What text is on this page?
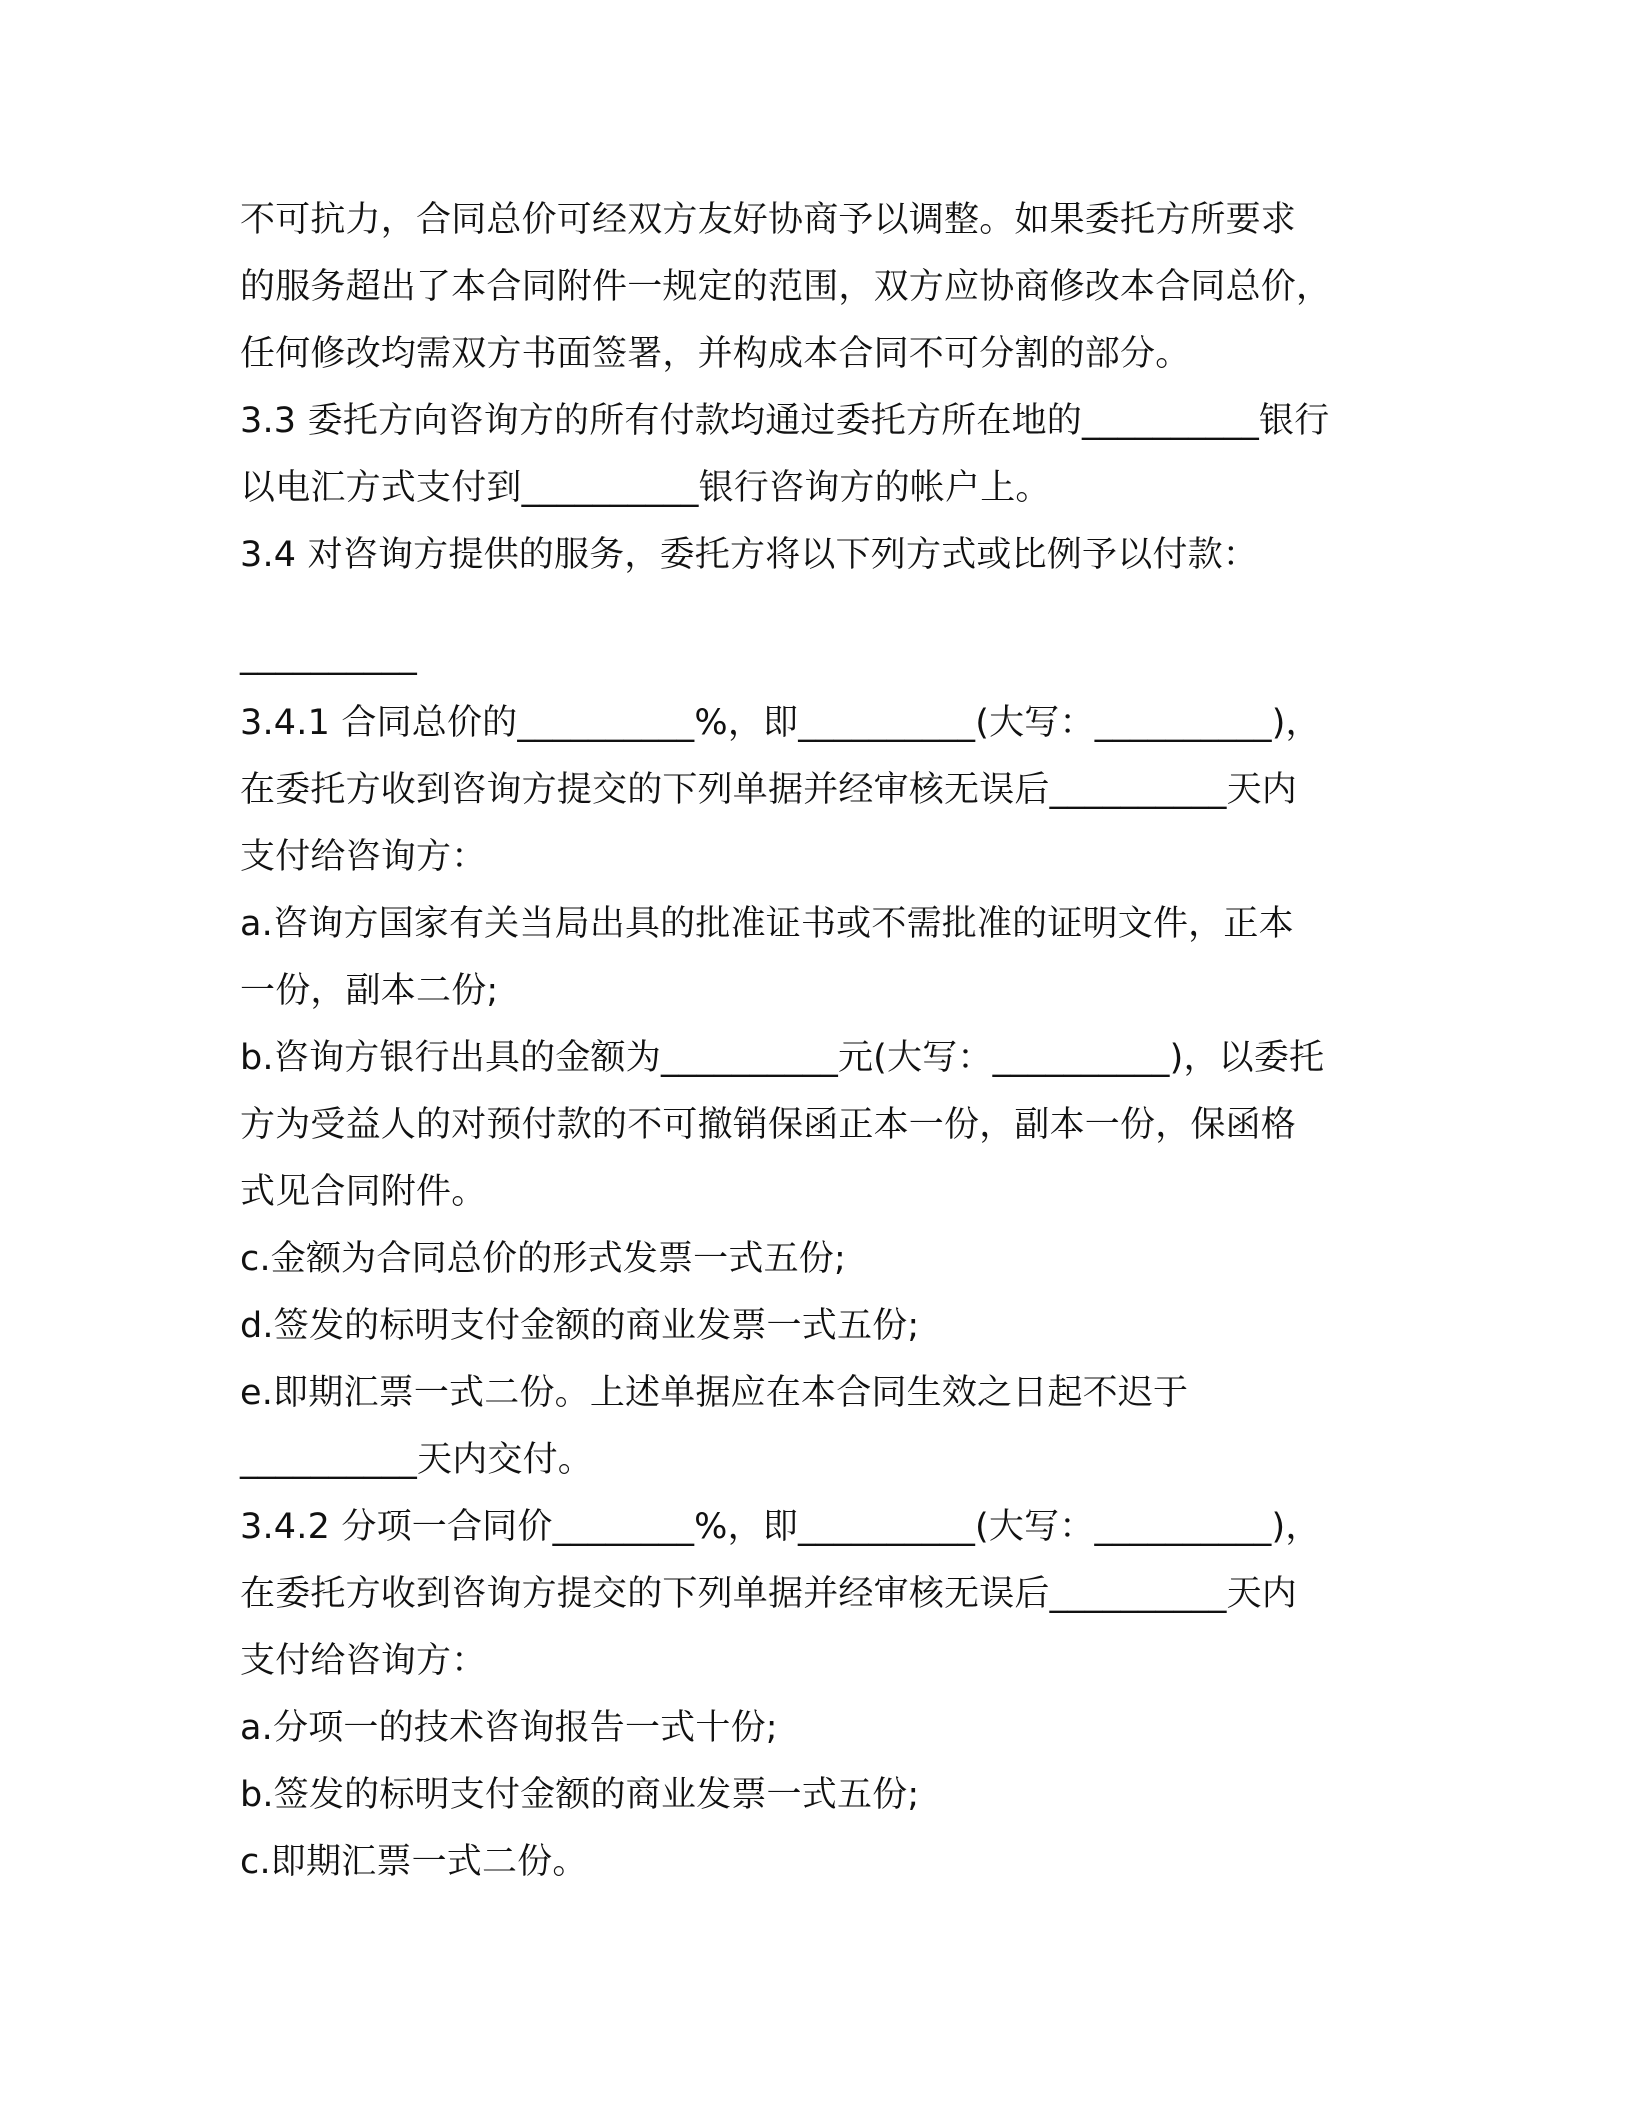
不可抗力，合同总价可经双方友好协商予以调整。如果委托方所要求
的服务超出了本合同附件一规定的范围，双方应协商修改本合同总价，
任何修改均需双方书面签署，并构成本合同不可分割的部分。
3.3 委托方向咨询方的所有付款均通过委托方所在地的__________银行
以电汇方式支付到__________银行咨询方的帐户上。
3.4 对咨询方提供的服务，委托方将以下列方式或比例予以付款：
__________
3.4.1 合同总价的__________%，即__________(大写：__________)，
在委托方收到咨询方提交的下列单据并经审核无误后__________天内
支付给咨询方：
a.咨询方国家有关当局出具的批准证书或不需批准的证明文件，正本
一份，副本二份;
b.咨询方银行出具的金额为__________元(大写：__________)，以委托
方为受益人的对预付款的不可撤销保函正本一份，副本一份，保函格
式见合同附件。
c.金额为合同总价的形式发票一式五份;
d.签发的标明支付金额的商业发票一式五份;
e.即期汇票一式二份。上述单据应在本合同生效之日起不迟于
__________天内交付。
3.4.2 分项一合同价________%，即__________(大写：__________)，
在委托方收到咨询方提交的下列单据并经审核无误后__________天内
支付给咨询方：
a.分项一的技术咨询报告一式十份;
b.签发的标明支付金额的商业发票一式五份;
c.即期汇票一式二份。
